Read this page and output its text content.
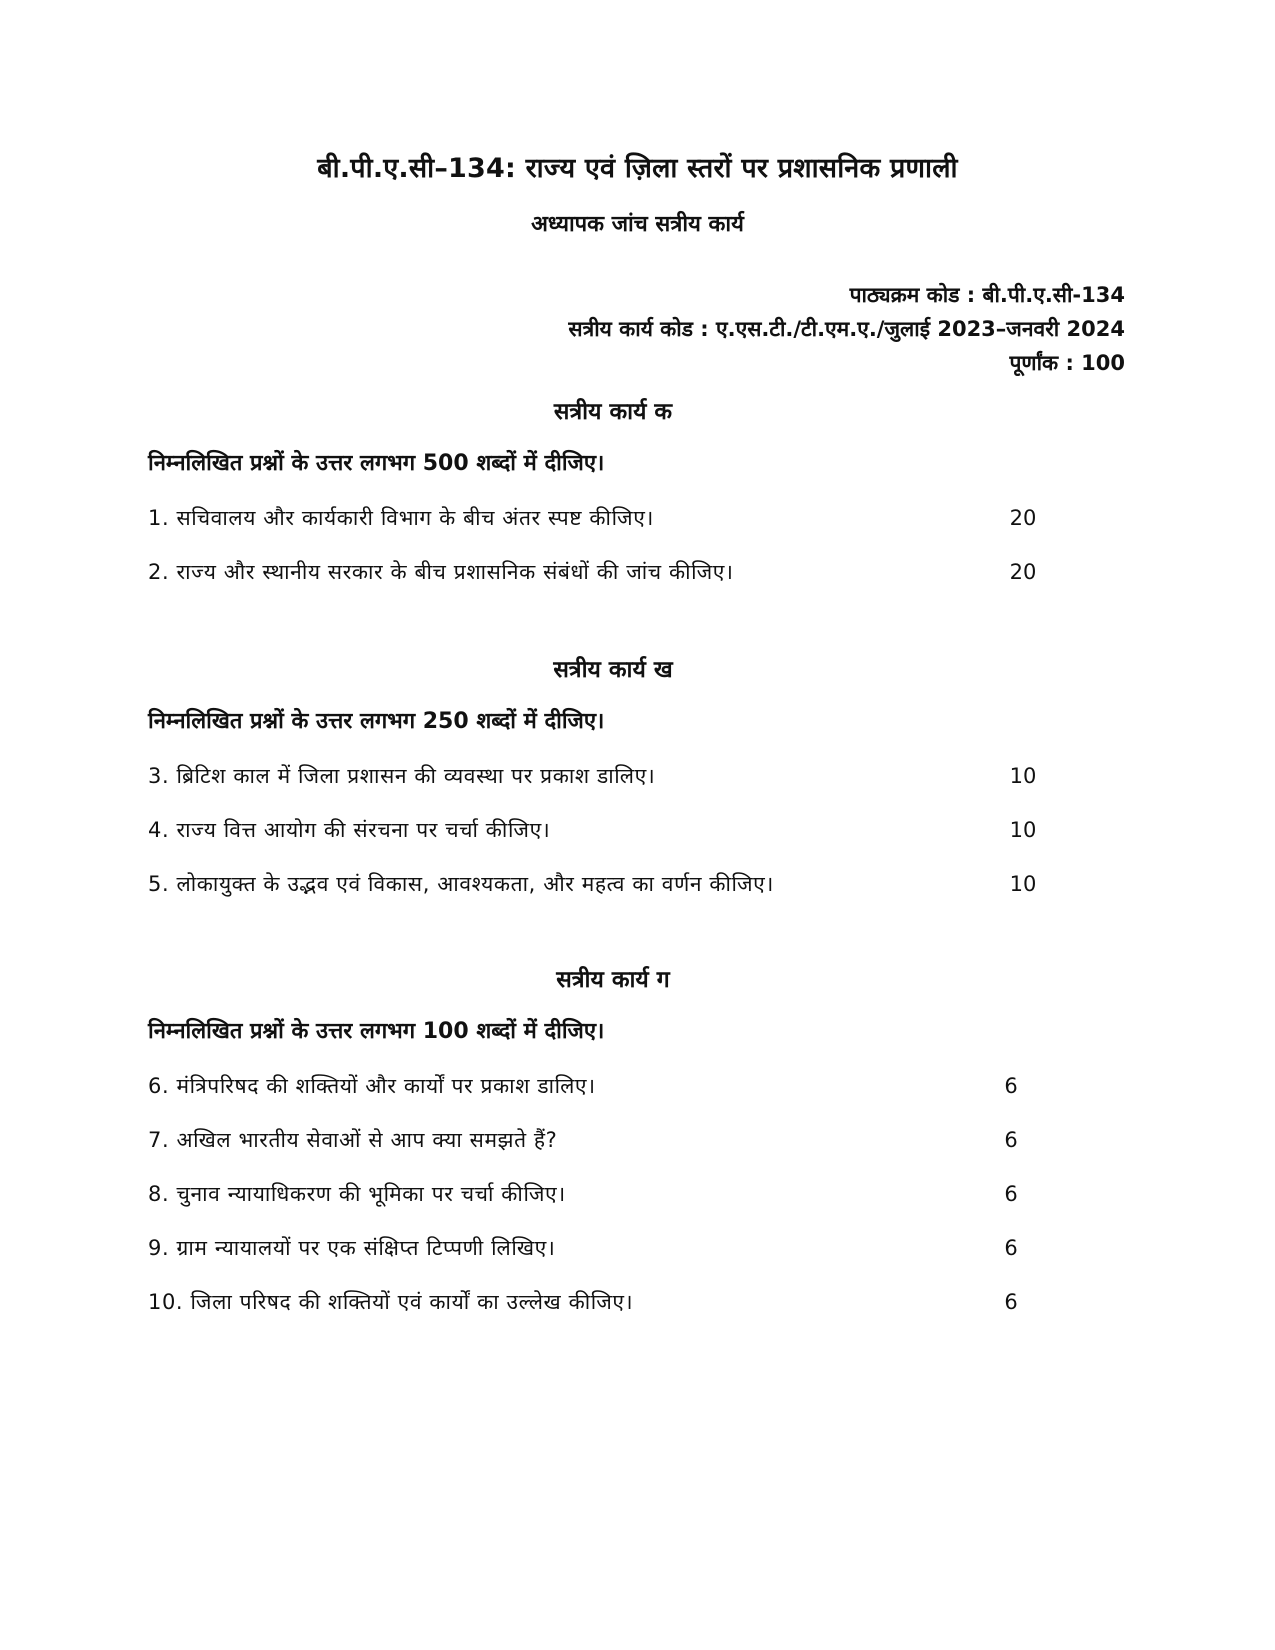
बी.पी.ए.सी–134: राज्य एवं ज़िला स्तरों पर प्रशासनिक प्रणाली
अध्यापक जांच सत्रीय कार्य
पाठ्यक्रम कोड : बी.पी.ए.सी-134
सत्रीय कार्य कोड : ए.एस.टी./टी.एम.ए./जुलाई 2023–जनवरी 2024
पूर्णांक : 100
सत्रीय कार्य क
निम्नलिखित प्रश्नों के उत्तर लगभग 500 शब्दों में दीजिए।
1. सचिवालय और कार्यकारी विभाग के बीच अंतर स्पष्ट कीजिए।	20
2. राज्य और स्थानीय सरकार के बीच प्रशासनिक संबंधों की जांच कीजिए।	20
सत्रीय कार्य ख
निम्नलिखित प्रश्नों के उत्तर लगभग 250 शब्दों में दीजिए।
3. ब्रिटिश काल में जिला प्रशासन की व्यवस्था पर प्रकाश डालिए।	10
4. राज्य वित्त आयोग की संरचना पर चर्चा कीजिए।	10
5. लोकायुक्त के उद्भव एवं विकास, आवश्यकता, और महत्व का वर्णन कीजिए।	10
सत्रीय कार्य ग
निम्नलिखित प्रश्नों के उत्तर लगभग 100 शब्दों में दीजिए।
6. मंत्रिपरिषद की शक्तियों और कार्यों पर प्रकाश डालिए।	6
7. अखिल भारतीय सेवाओं से आप क्या समझते हैं?	6
8. चुनाव न्यायाधिकरण की भूमिका पर चर्चा कीजिए।	6
9. ग्राम न्यायालयों पर एक संक्षिप्त टिप्पणी लिखिए।	6
10. जिला परिषद की शक्तियों एवं कार्यों का उल्लेख कीजिए।	6
